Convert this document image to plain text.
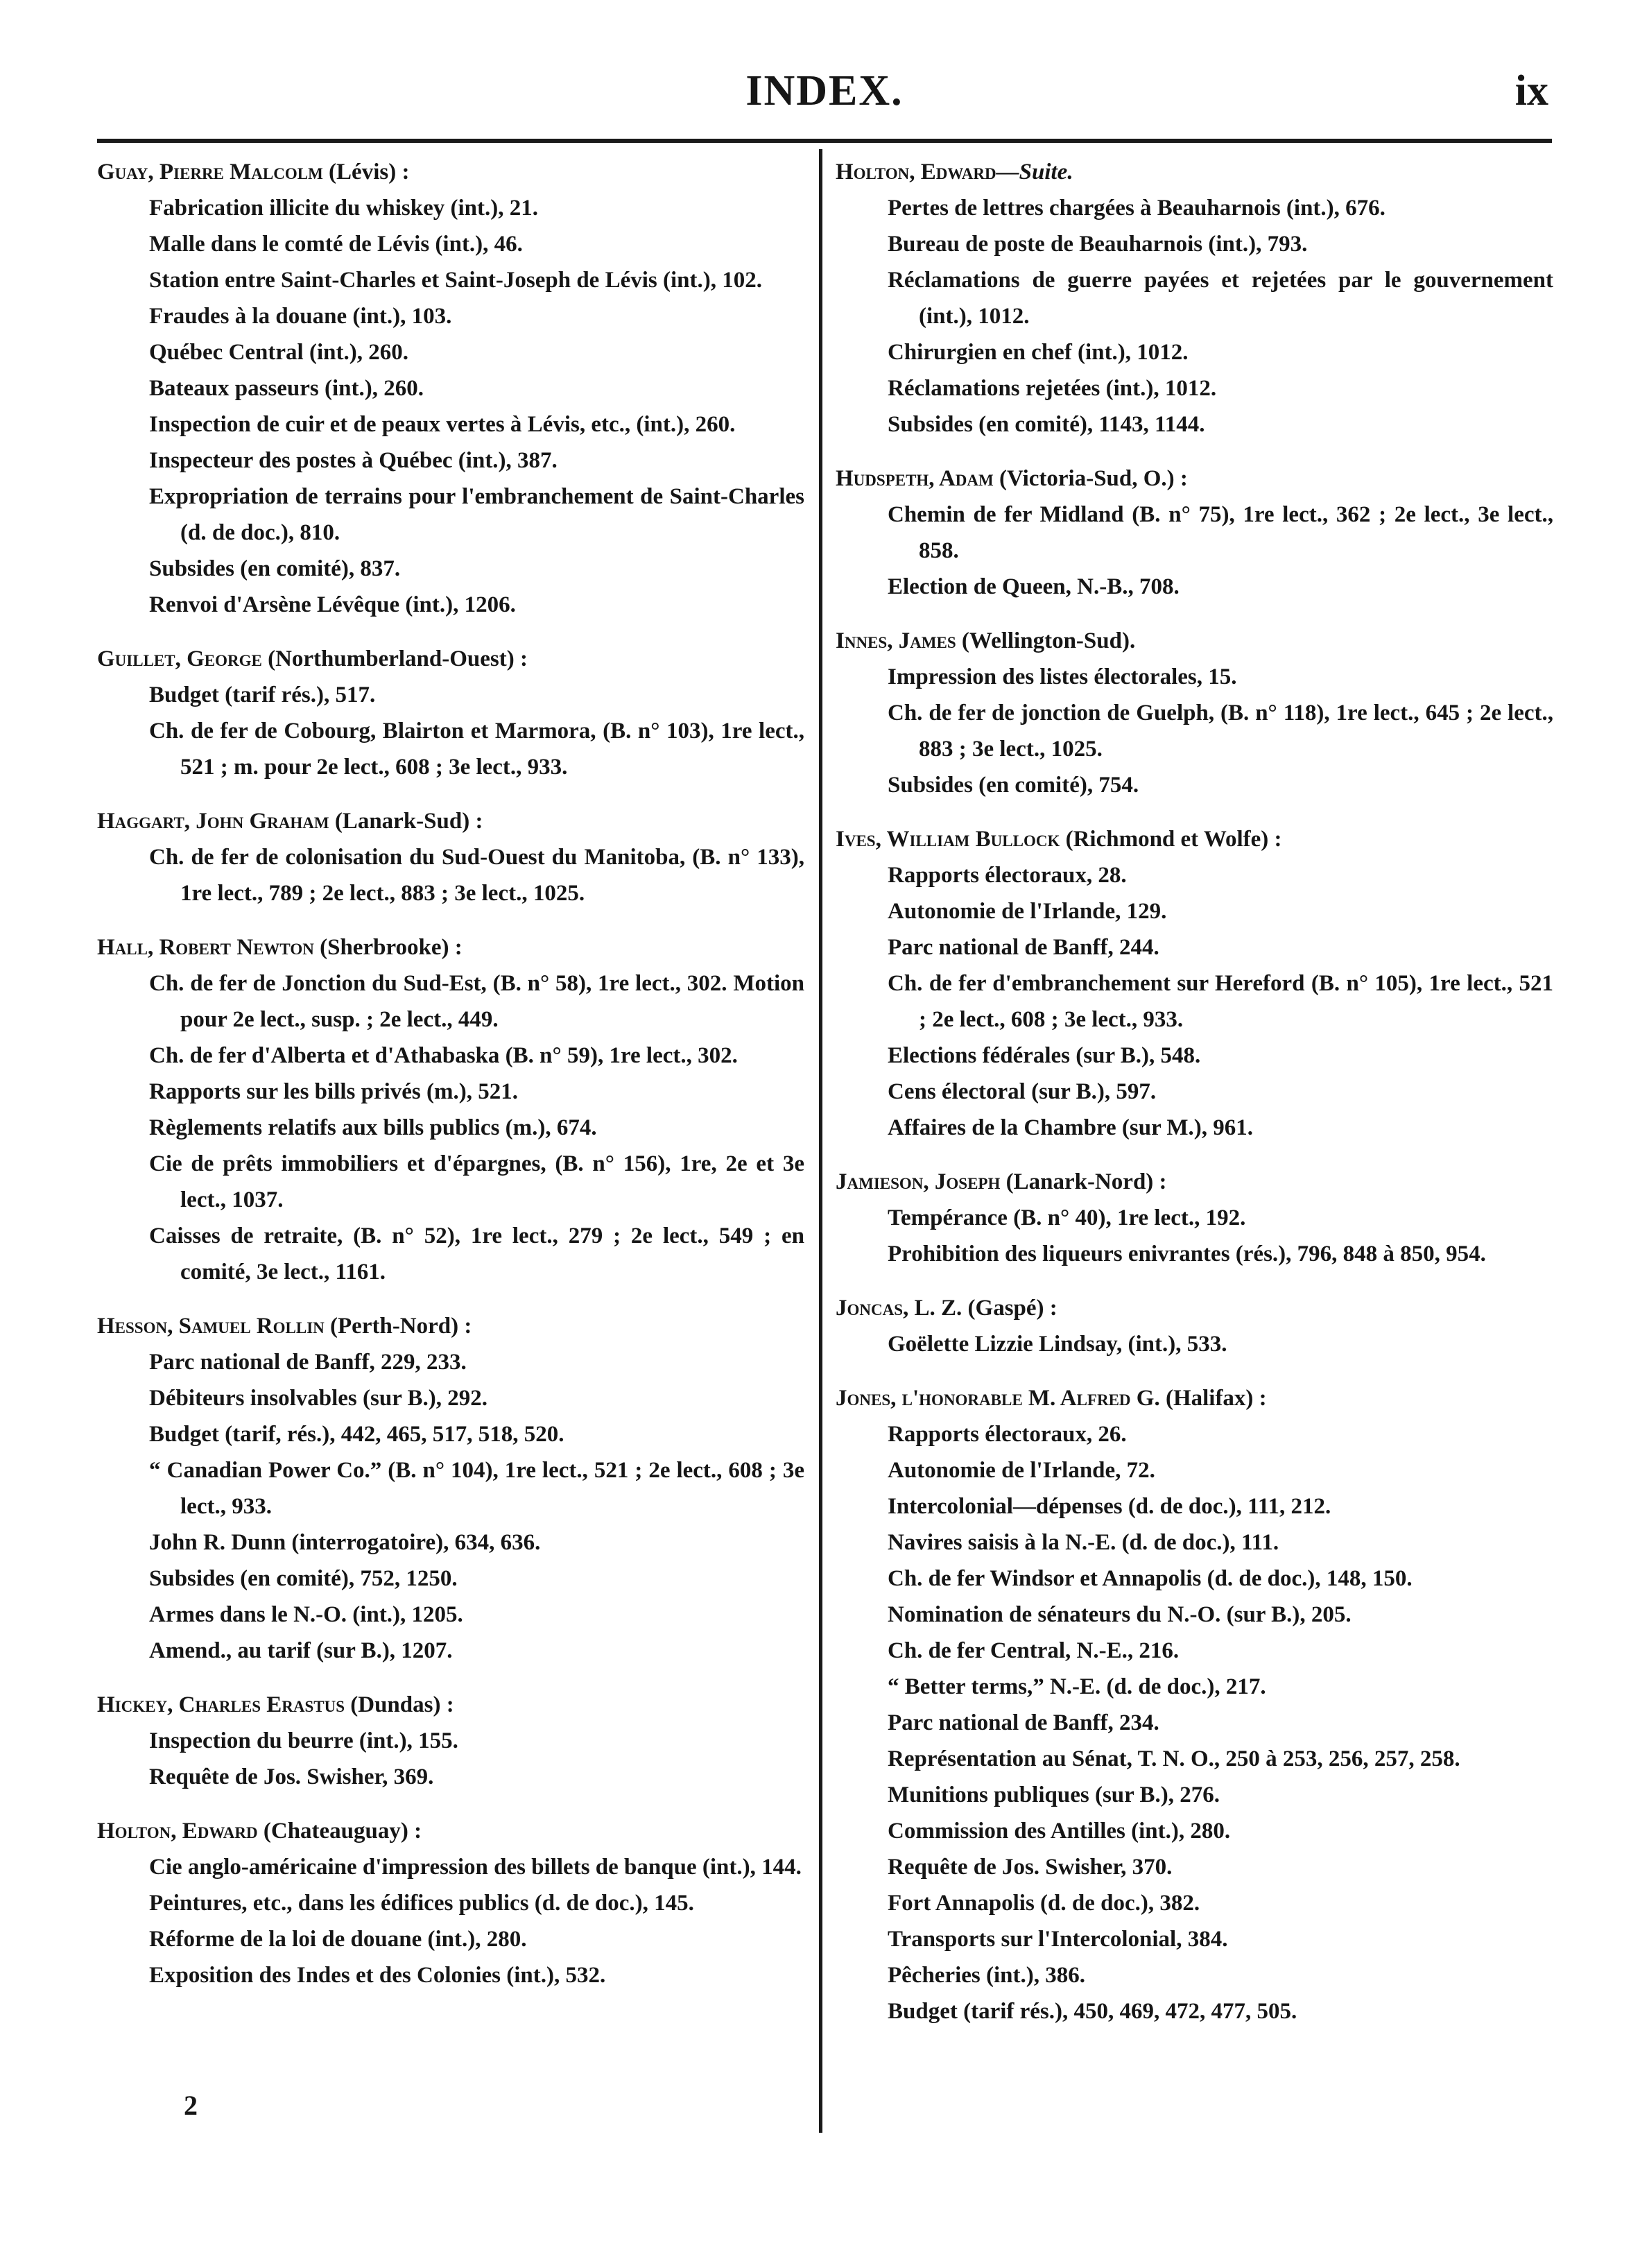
INDEX.	ix

Guay, Pierre Malcolm (Lévis) :

Fabrication illicite du whiskey (int.), 21.

Malle dans le comté de Lévis (int.), 46.

Station entre Saint-Charles et Saint-Joseph de Lévis (int.), 102.

Fraudes à la douane (int.), 103.

Québec Central (int.), 260.

Bateaux passeurs (int.), 260.

Inspection de cuir et de peaux vertes à Lévis, etc., (int.), 260.

Inspecteur des postes à Québec (int.), 387.

Expropriation de terrains pour l'embranchement de Saint-Charles (d. de doc.), 810.

Subsides (en comité), 837.

Renvoi d'Arsène Lévêque (int.), 1206.

Guillet, George (Northumberland-Ouest) :

Budget (tarif rés.), 517.

Ch. de fer de Cobourg, Blairton et Marmora, (B. n° 103), 1re lect., 521 ; m. pour 2e lect., 608 ; 3e lect., 933.

Haggart, John Graham (Lanark-Sud) :

Ch. de fer de colonisation du Sud-Ouest du Manitoba, (B. n° 133), 1re lect., 789 ; 2e lect., 883 ; 3e lect., 1025.

Hall, Robert Newton (Sherbrooke) :

Ch. de fer de Jonction du Sud-Est, (B. n° 58), 1re lect., 302. Motion pour 2e lect., susp. ; 2e lect., 449.

Ch. de fer d'Alberta et d'Athabaska (B. n° 59), 1re lect., 302.

Rapports sur les bills privés (m.), 521.

Règlements relatifs aux bills publics (m.), 674.

Cie de prêts immobiliers et d'épargnes, (B. n° 156), 1re, 2e et 3e lect., 1037.

Caisses de retraite, (B. n° 52), 1re lect., 279 ; 2e lect., 549 ; en comité, 3e lect., 1161.

Hesson, Samuel Rollin (Perth-Nord) :

Parc national de Banff, 229, 233.

Débiteurs insolvables (sur B.), 292.

Budget (tarif, rés.), 442, 465, 517, 518, 520.

“ Canadian Power Co.” (B. n° 104), 1re lect., 521 ; 2e lect., 608 ; 3e lect., 933.

John R. Dunn (interrogatoire), 634, 636.

Subsides (en comité), 752, 1250.

Armes dans le N.-O. (int.), 1205.

Amend., au tarif (sur B.), 1207.

Hickey, Charles Erastus (Dundas) :

Inspection du beurre (int.), 155.

Requête de Jos. Swisher, 369.

Holton, Edward (Chateauguay) :

Cie anglo-américaine d'impression des billets de banque (int.), 144.

Peintures, etc., dans les édifices publics (d. de doc.), 145.

Réforme de la loi de douane (int.), 280.

Exposition des Indes et des Colonies (int.), 532.

Holton, Edward—Suite.

Pertes de lettres chargées à Beauharnois (int.), 676.

Bureau de poste de Beauharnois (int.), 793.

Réclamations de guerre payées et rejetées par le gouvernement (int.), 1012.

Chirurgien en chef (int.), 1012.

Réclamations rejetées (int.), 1012.

Subsides (en comité), 1143, 1144.

Hudspeth, Adam (Victoria-Sud, O.) :

Chemin de fer Midland (B. n° 75), 1re lect., 362 ; 2e lect., 3e lect., 858.

Election de Queen, N.-B., 708.

Innes, James (Wellington-Sud).

Impression des listes électorales, 15.

Ch. de fer de jonction de Guelph, (B. n° 118), 1re lect., 645 ; 2e lect., 883 ; 3e lect., 1025.

Subsides (en comité), 754.

Ives, William Bullock (Richmond et Wolfe) :

Rapports électoraux, 28.

Autonomie de l'Irlande, 129.

Parc national de Banff, 244.

Ch. de fer d'embranchement sur Hereford (B. n° 105), 1re lect., 521 ; 2e lect., 608 ; 3e lect., 933.

Elections fédérales (sur B.), 548.

Cens électoral (sur B.), 597.

Affaires de la Chambre (sur M.), 961.

Jamieson, Joseph (Lanark-Nord) :

Tempérance (B. n° 40), 1re lect., 192.

Prohibition des liqueurs enivrantes (rés.), 796, 848 à 850, 954.

Joncas, L. Z. (Gaspé) :

Goëlette Lizzie Lindsay, (int.), 533.

Jones, l'honorable M. Alfred G. (Halifax) :

Rapports électoraux, 26.

Autonomie de l'Irlande, 72.

Intercolonial—dépenses (d. de doc.), 111, 212.

Navires saisis à la N.-E. (d. de doc.), 111.

Ch. de fer Windsor et Annapolis (d. de doc.), 148, 150.

Nomination de sénateurs du N.-O. (sur B.), 205.

Ch. de fer Central, N.-E., 216.

“ Better terms,” N.-E. (d. de doc.), 217.

Parc national de Banff, 234.

Représentation au Sénat, T. N. O., 250 à 253, 256, 257, 258.

Munitions publiques (sur B.), 276.

Commission des Antilles (int.), 280.

Requête de Jos. Swisher, 370.

Fort Annapolis (d. de doc.), 382.

Transports sur l'Intercolonial, 384.

Pêcheries (int.), 386.

Budget (tarif rés.), 450, 469, 472, 477, 505.

2
